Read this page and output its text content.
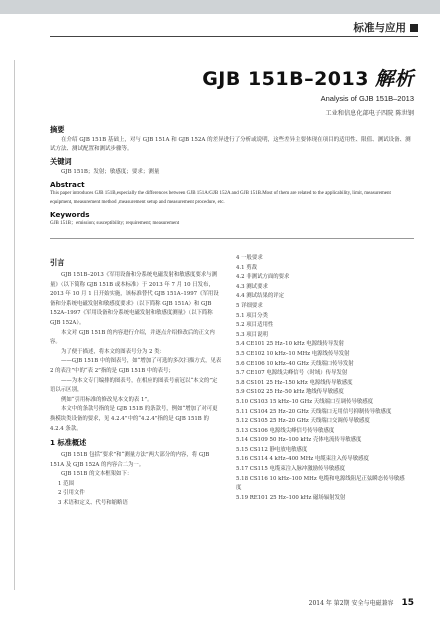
标准与应用
GJB 151B–2013 解析
Analysis of GJB 151B–2013
工业和信息化部电子四院 陈世钢
摘要

在介绍 GJB 151B 基础上，对与 GJB 151A 和 GJB 152A 的差异进行了分析或说明，这些差异主要体现在项目的适用性、限值、测试设备、测试方法、测试配置和测试步骤等。

关键词

GJB 151B；发射；敏感度；要求；测量

Abstract

This paper introduces GJB 151B,especially the differences between GJB 151A/GJB 152A and GJB 151B.Most of them are related to the applicability, limit, measurement equipment, measurement method ,measurement setup and measurement procedure, etc.

Keywords

GJB 151B；emission; susceptibility; requirement; measurement

引言

GJB 151B–2013《军用设备和分系统电磁发射和敏感度要求与测量》（以下简称 GJB 151B 或本标准）于 2013 年 7 月 10 日发布，2013 年 10 月 1 日开始实施，该标准替代 GJB 151A–1997《军用设备和分系统电磁发射和敏感度要求》（以下简称 GJB 151A）和 GJB 152A–1997《军用设备和分系统电磁发射和敏感度测量》（以下简称 GJB 152A）。

本文对 GJB 151B 的内容进行介绍，并逐点介绍修改后的正文内容。

为了便于描述，将本文的图表号分为 2 类：

——GJB 151B 中的图表号，如“增加了可选的多次扫描方式，见表 2 的表注”中的“表 2”指的是 GJB 151B 中的表号；

——为本文专门编排的图表号，在相应的图表号前冠以“本文的”定语以示区别，

例如“引用标准的修改见本文的表 1”。

本文中的条款号指的是 GJB 151B 的条款号，例如“增加了对可更换模块类设备的要求，见 4.2.4”中的“4.2.4”指的是 GJB 151B 的 4.2.4 条款。

1 标准概述

GJB 151B 包括“要求”和“测量方法”两大部分的内容，将 GJB 151A 及 GJB 152A 的内容合二为一。

GJB 151B 的文本框架如下：

1 范围

2 引用文件

3 术语和定义、代号和缩略语

4 一般要求

4.1 剪裁

4.2 非测试方面的要求

4.3 测试要求

4.4 测试结果的评定

5 详细要求

5.1 项目分类

5.2 项目适用性

5.3 项目说明

5.4 CE101 25 Hz–10 kHz 电源线传导发射

5.5 CE102 10 kHz–10 MHz 电源线传导发射

5.6 CE106 10 kHz–40 GHz 天线端口传导发射

5.7 CE107 电源线尖峰信号（时域）传导发射

5.8 CS101 25 Hz–150 kHz 电源线传导敏感度

5.9 CS102 25 Hz–50 kHz 地线传导敏感度

5.10 CS103 15 kHz–10 GHz 天线端口互调传导敏感度

5.11 CS104 25 Hz–20 GHz 天线端口无用信号抑制传导敏感度

5.12 CS105 25 Hz–20 GHz 天线端口交调传导敏感度

5.13 CS106 电源线尖峰信号传导敏感度

5.14 CS109 50 Hz–100 kHz 壳体电流传导敏感度

5.15 CS112 静电放电敏感度

5.16 CS114 4 kHz–400 MHz 电缆束注入传导敏感度

5.17 CS115 电缆束注入脉冲激励传导敏感度

5.18 CS116 10 kHz–100 MHz 电缆和电源线阻尼正弦瞬态传导敏感度

5.19 RE101 25 Hz–100 kHz 磁场辐射发射

2014 年 第2期 安全与电磁兼容 15
